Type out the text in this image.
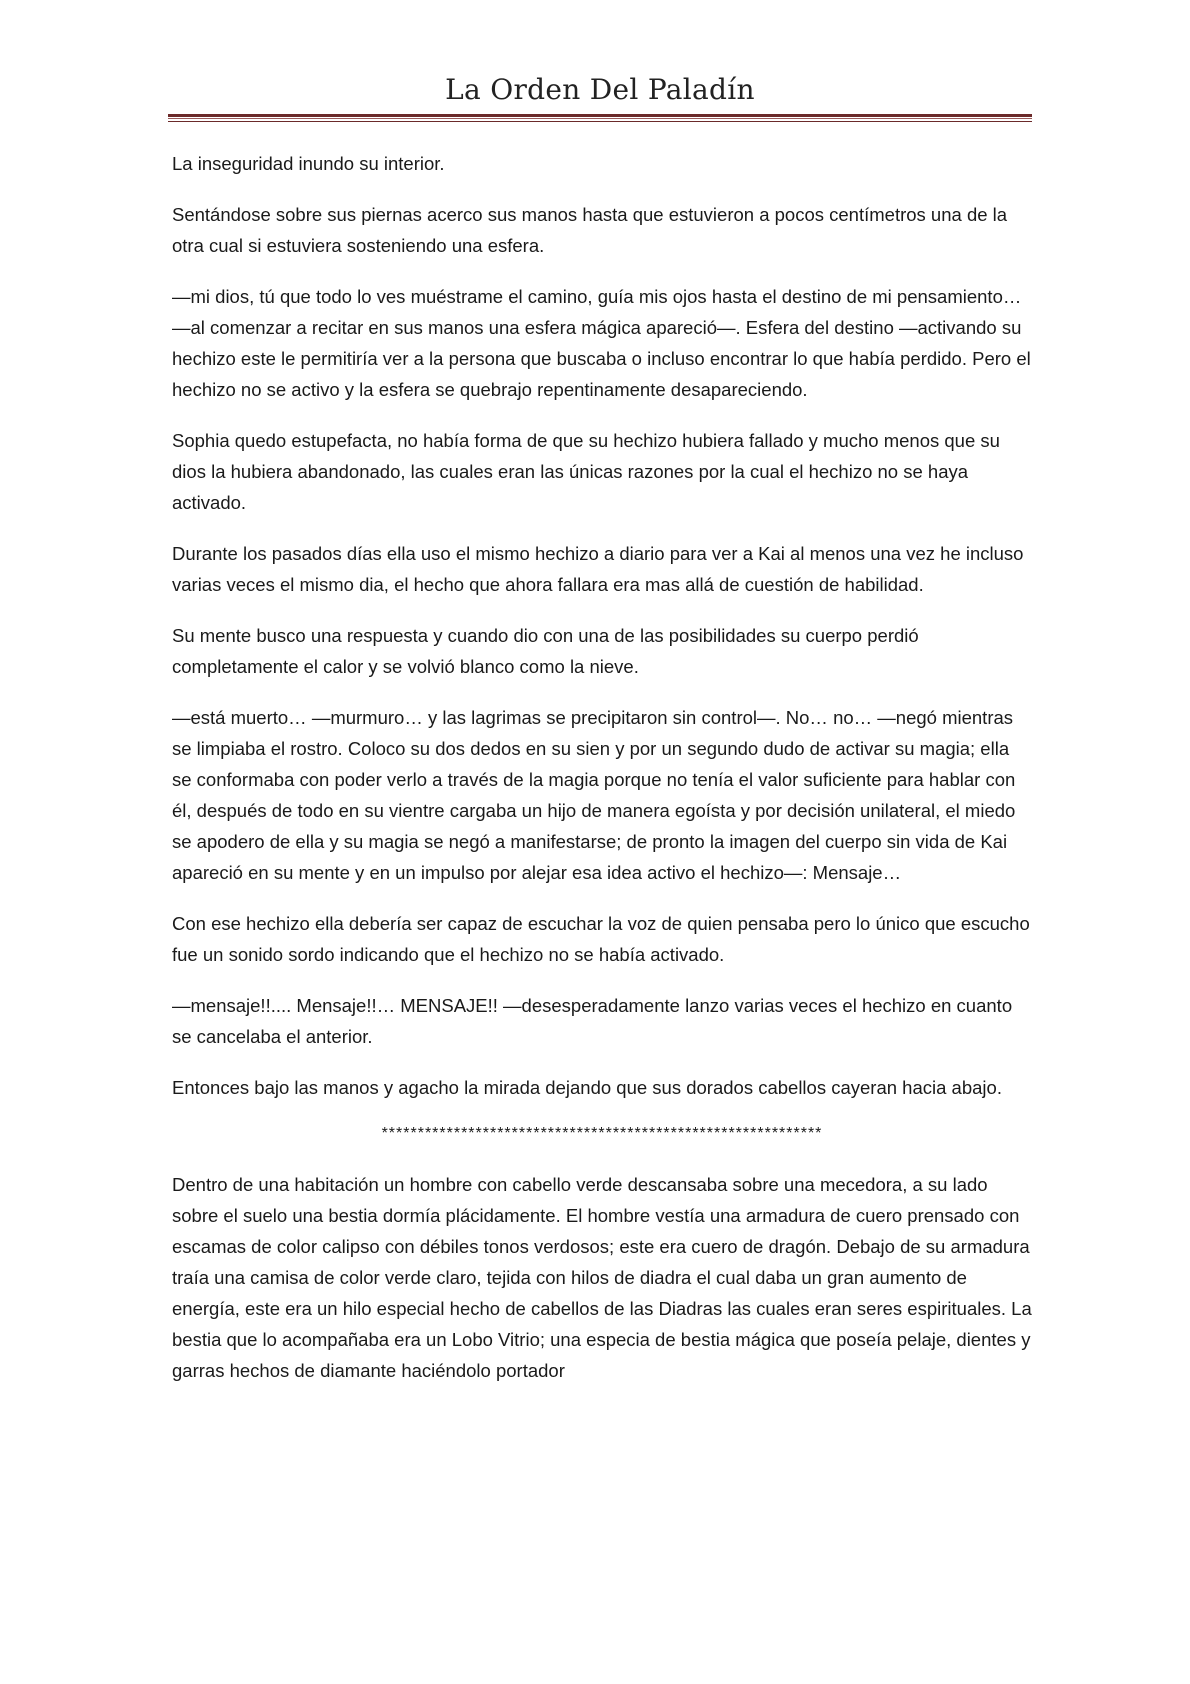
La Orden Del Paladín

La inseguridad inundo su interior.

Sentándose sobre sus piernas acerco sus manos hasta que estuvieron a pocos centímetros una de la otra cual si estuviera sosteniendo una esfera.

—mi dios, tú que todo lo ves muéstrame el camino, guía mis ojos hasta el destino de mi pensamiento… —al comenzar a recitar en sus manos una esfera mágica apareció—. Esfera del destino —activando su hechizo este le permitiría ver a la persona que buscaba o incluso encontrar lo que había perdido. Pero el hechizo no se activo y la esfera se quebrajo repentinamente desapareciendo.

Sophia quedo estupefacta, no había forma de que su hechizo hubiera fallado y mucho menos que su dios la hubiera abandonado, las cuales eran las únicas razones por la cual el hechizo no se haya activado.

Durante los pasados días ella uso el mismo hechizo a diario para ver a Kai al menos una vez he incluso varias veces el mismo dia, el hecho que ahora fallara era mas allá de cuestión de habilidad.

Su mente busco una respuesta y cuando dio con una de las posibilidades su cuerpo perdió completamente el calor y se volvió blanco como la nieve.

—está muerto… —murmuro… y las lagrimas se precipitaron sin control—. No… no… —negó mientras se limpiaba el rostro. Coloco su dos dedos en su sien y por un segundo dudo de activar su magia; ella se conformaba con poder verlo a través de la magia porque no tenía el valor suficiente para hablar con él, después de todo en su vientre cargaba un hijo de manera egoísta y por decisión unilateral, el miedo se apodero de ella y su magia se negó a manifestarse; de pronto la imagen del cuerpo sin vida de Kai apareció en su mente y en un impulso por alejar esa idea activo el hechizo—: Mensaje…

Con ese hechizo ella debería ser capaz de escuchar la voz de quien pensaba pero lo único que escucho fue un sonido sordo indicando que el hechizo no se había activado.

—mensaje!!.... Mensaje!!… MENSAJE!! —desesperadamente lanzo varias veces el hechizo en cuanto se cancelaba el anterior.

Entonces bajo las manos y agacho la mirada dejando que sus dorados cabellos cayeran hacia abajo.

*************************************************************

Dentro de una habitación un hombre con cabello verde descansaba sobre una mecedora, a su lado sobre el suelo una bestia dormía plácidamente. El hombre vestía una armadura de cuero prensado con escamas de color calipso con débiles tonos verdosos; este era cuero de dragón. Debajo de su armadura traía una camisa de color verde claro, tejida con hilos de diadra el cual daba un gran aumento de energía, este era un hilo especial hecho de cabellos de las Diadras las cuales eran seres espirituales. La bestia que lo acompañaba era un Lobo Vitrio; una especia de bestia mágica que poseía pelaje, dientes y garras hechos de diamante haciéndolo portador
